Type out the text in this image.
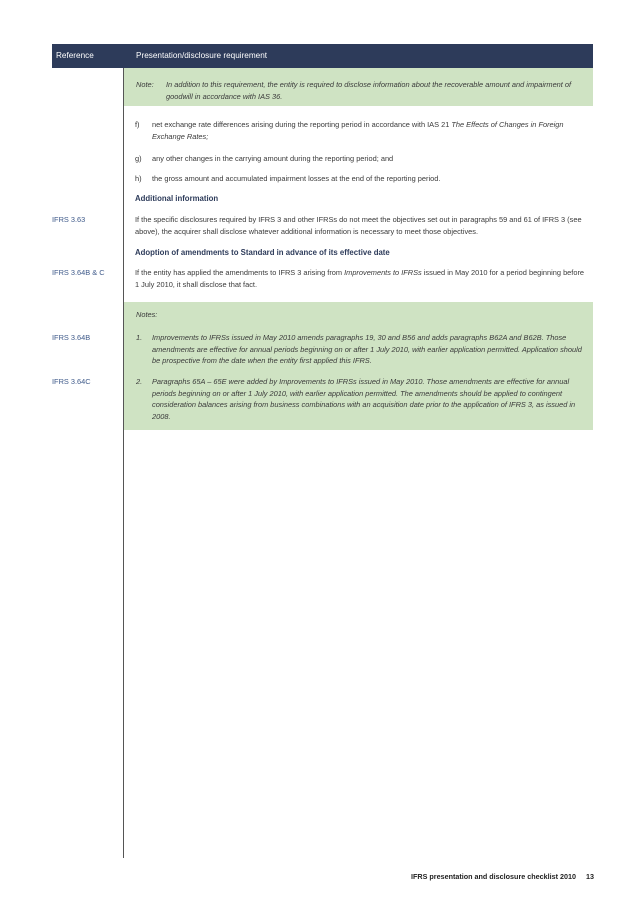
Reference	Presentation/disclosure requirement
Note: In addition to this requirement, the entity is required to disclose information about the recoverable amount and impairment of goodwill in accordance with IAS 36.
f) net exchange rate differences arising during the reporting period in accordance with IAS 21 The Effects of Changes in Foreign Exchange Rates;
g) any other changes in the carrying amount during the reporting period; and
h) the gross amount and accumulated impairment losses at the end of the reporting period.
Additional information
IFRS 3.63	If the specific disclosures required by IFRS 3 and other IFRSs do not meet the objectives set out in paragraphs 59 and 61 of IFRS 3 (see above), the acquirer shall disclose whatever additional information is necessary to meet those objectives.
Adoption of amendments to Standard in advance of its effective date
IFRS 3.64B & C	If the entity has applied the amendments to IFRS 3 arising from Improvements to IFRSs issued in May 2010 for a period beginning before 1 July 2010, it shall disclose that fact.
Notes:
IFRS 3.64B	1. Improvements to IFRSs issued in May 2010 amends paragraphs 19, 30 and B56 and adds paragraphs B62A and B62B. Those amendments are effective for annual periods beginning on or after 1 July 2010, with earlier application permitted. Application should be prospective from the date when the entity first applied this IFRS.
IFRS 3.64C	2. Paragraphs 65A – 65E were added by Improvements to IFRSs issued in May 2010. Those amendments are effective for annual periods beginning on or after 1 July 2010, with earlier application permitted. The amendments should be applied to contingent consideration balances arising from business combinations with an acquisition date prior to the application of IFRS 3, as issued in 2008.
IFRS presentation and disclosure checklist 2010 13
